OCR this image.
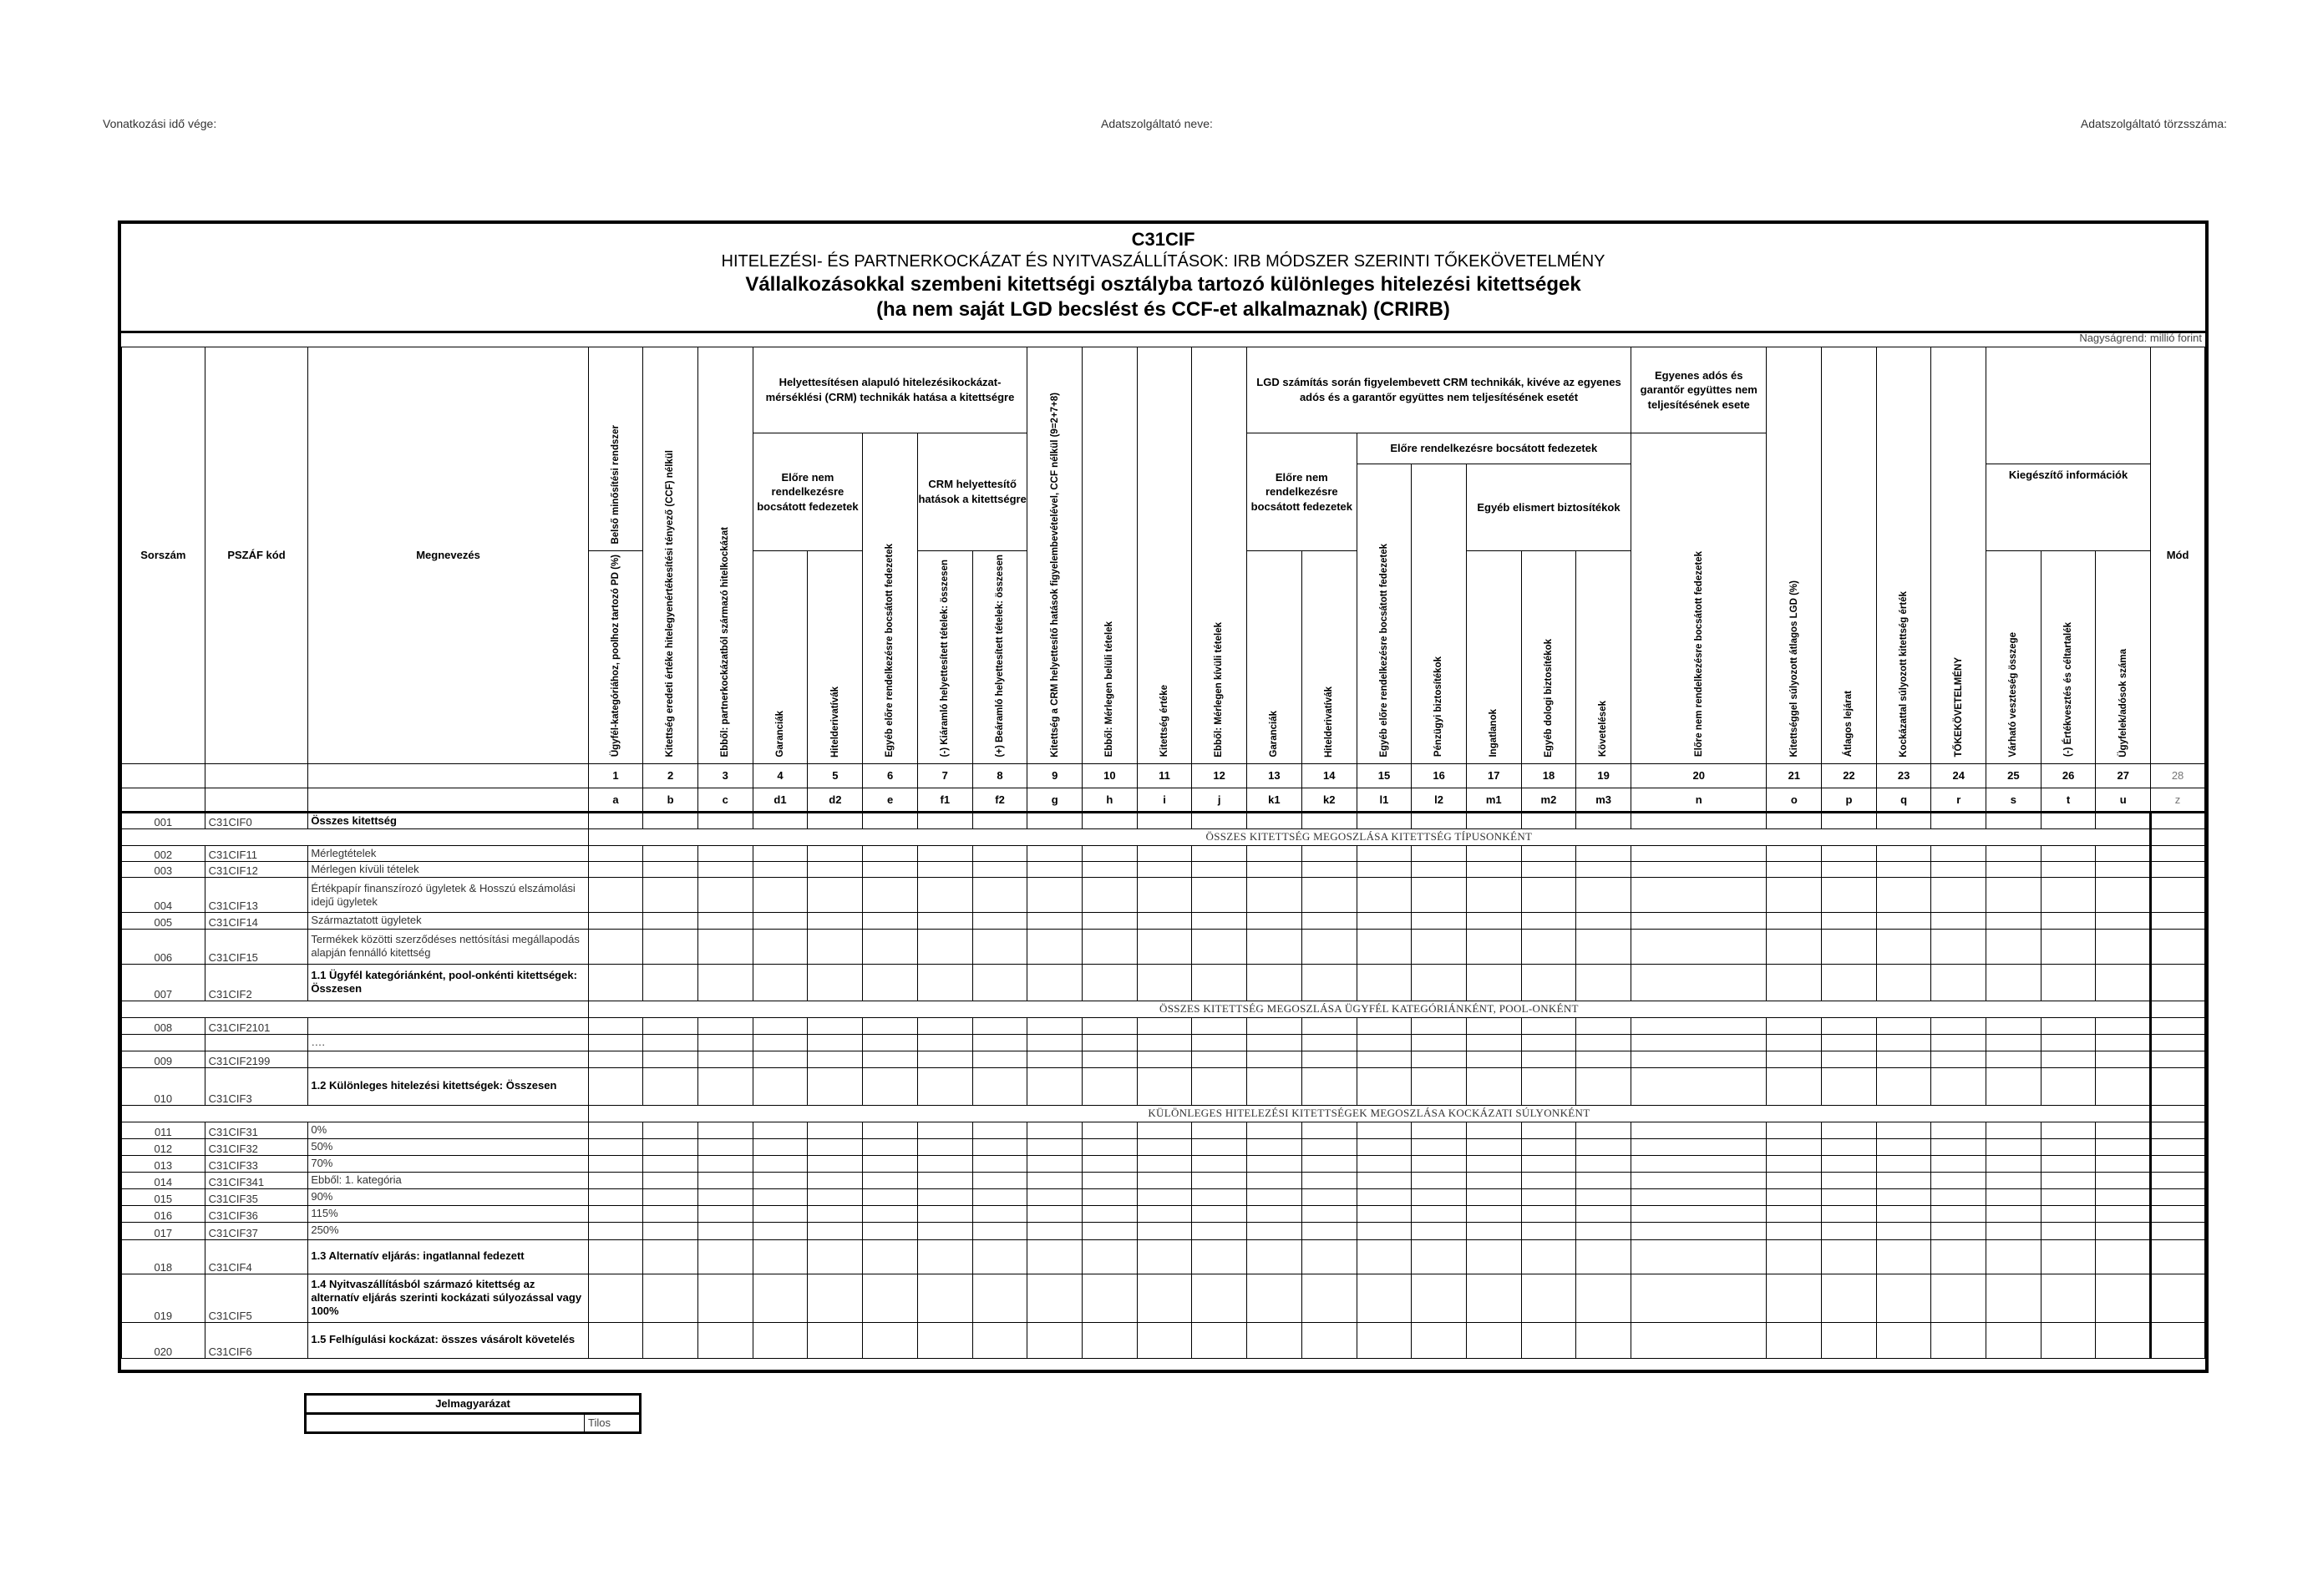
Vonatkozási idő vége:	Adatszolgáltató neve:	Adatszolgáltató törzsszáma:
C31CIF
HITELEZÉSI- ÉS PARTNERKOCKÁZAT ÉS NYITVASZÁLLÍTÁSOK: IRB MÓDSZER SZERINTI TŐKEKÖVETELMÉNY
Vállalkozásokkal szembeni kitettségi osztályba tartozó különleges hitelezési kitettségek
(ha nem saját LGD becslést és CCF-et alkalmaznak) (CRIRB)
Nagyságrend: millió forint
Sorszám	PSZÁF kód	Megnevezés	Belső minősítési rendszer	Kitettség eredeti értéke hitelegyenértékesítési tényező (CCF) nélkül	Ebből: partnerkockázatból származó hitelkockázat	Helyettesítésen alapuló hitelezésikockázat-mérséklési (CRM) technikák hatása a kitettségre					Kitettség a CRM helyettesítő hatások figyelembevételével, CCF nélkül (9=2+7+8)	Ebből: Mérlegen belüli tételek	Kitettség értéke	Ebből: Mérlegen kívüli tételek	LGD számítás során figyelembevett CRM technikák, kivéve az egyenes adós és a garantőr együttes nem teljesítésének esetét							Egyenes adós és garantőr együttes nem teljesítésének esete	Kitettséggel súlyozott átlagos LGD (%)	Átlagos lejárat	Kockázattal súlyozott kitettség érték	TŐKEKÖVETELMÉNY				Mód
						Előre nem rendelkezésre bocsátott fedezetek		Egyéb előre rendelkezésre bocsátott fedezetek	CRM helyettesítő hatások a kitettségre						Előre nem rendelkezésre bocsátott fedezetek		Előre rendelkezésre bocsátott fedezetek					Előre nem rendelkezésre bocsátott fedezetek								
																	Egyéb előre rendelkezésre bocsátott fedezetek	Pénzügyi biztosítékok	Egyéb elismert biztosítékok								Kiegészítő információk			
			Ügyfél-kategóriához, poolhoz tartozó PD (%)			Garanciák	Hitelderivatívák		(-) Kiáramló helyettesített tételek: összesen	(+) Beáramló helyettesített tételek: összesen					Garanciák	Hitelderivatívák			Ingatlanok	Egyéb dologi biztosítékok	Követelések						Várható veszteség összege	(-) Értékvesztés és céltartalék	Ügyfelek/adósok száma	
			1	2	3	4	5	6	7	8	9	10	11	12	13	14	15	16	17	18	19	20	21	22	23	24	25	26	27	28
			a	b	c	d1	d2	e	f1	f2	g	h	i	j	k1	k2	l1	l2	m1	m2	m3	n	o	p	q	r	s	t	u	z
001	C31CIF0	Összes kitettség																												
			ÖSSZES KITETTSÉG MEGOSZLÁSA KITETTSÉG TÍPUSONKÉNT																											
002	C31CIF11	Mérlegtételek																												
003	C31CIF12	Mérlegen kívüli tételek																												
004	C31CIF13	Értékpapír finanszírozó ügyletek & Hosszú elszámolási idejű ügyletek																												
005	C31CIF14	Származtatott ügyletek																												
006	C31CIF15	Termékek közötti szerződéses nettósítási megállapodás alapján fennálló kitettség																												
007	C31CIF2	1.1 Ügyfél kategóriánként, pool-onkénti kitettségek: Összesen																												
			ÖSSZES KITETTSÉG MEGOSZLÁSA ÜGYFÉL KATEGÓRIÁNKÉNT, POOL-ONKÉNT																											
008	C31CIF2101																													
		….																												
009	C31CIF2199																													
010	C31CIF3	1.2 Különleges hitelezési kitettségek: Összesen																												
			KÜLÖNLEGES HITELEZÉSI KITETTSÉGEK MEGOSZLÁSA KOCKÁZATI SÚLYONKÉNT																											
011	C31CIF31	0%																												
012	C31CIF32	50%																												
013	C31CIF33	70%																												
014	C31CIF341	Ebből: 1. kategória																												
015	C31CIF35	90%																												
016	C31CIF36	115%																												
017	C31CIF37	250%																												
018	C31CIF4	1.3 Alternatív eljárás: ingatlannal fedezett																												
019	C31CIF5	1.4 Nyitvaszállításból származó kitettség az alternatív eljárás szerinti kockázati súlyozással vagy 100%																												
020	C31CIF6	1.5 Felhígulási kockázat: összes vásárolt követelés																												
Jelmagyarázat
Tilos
